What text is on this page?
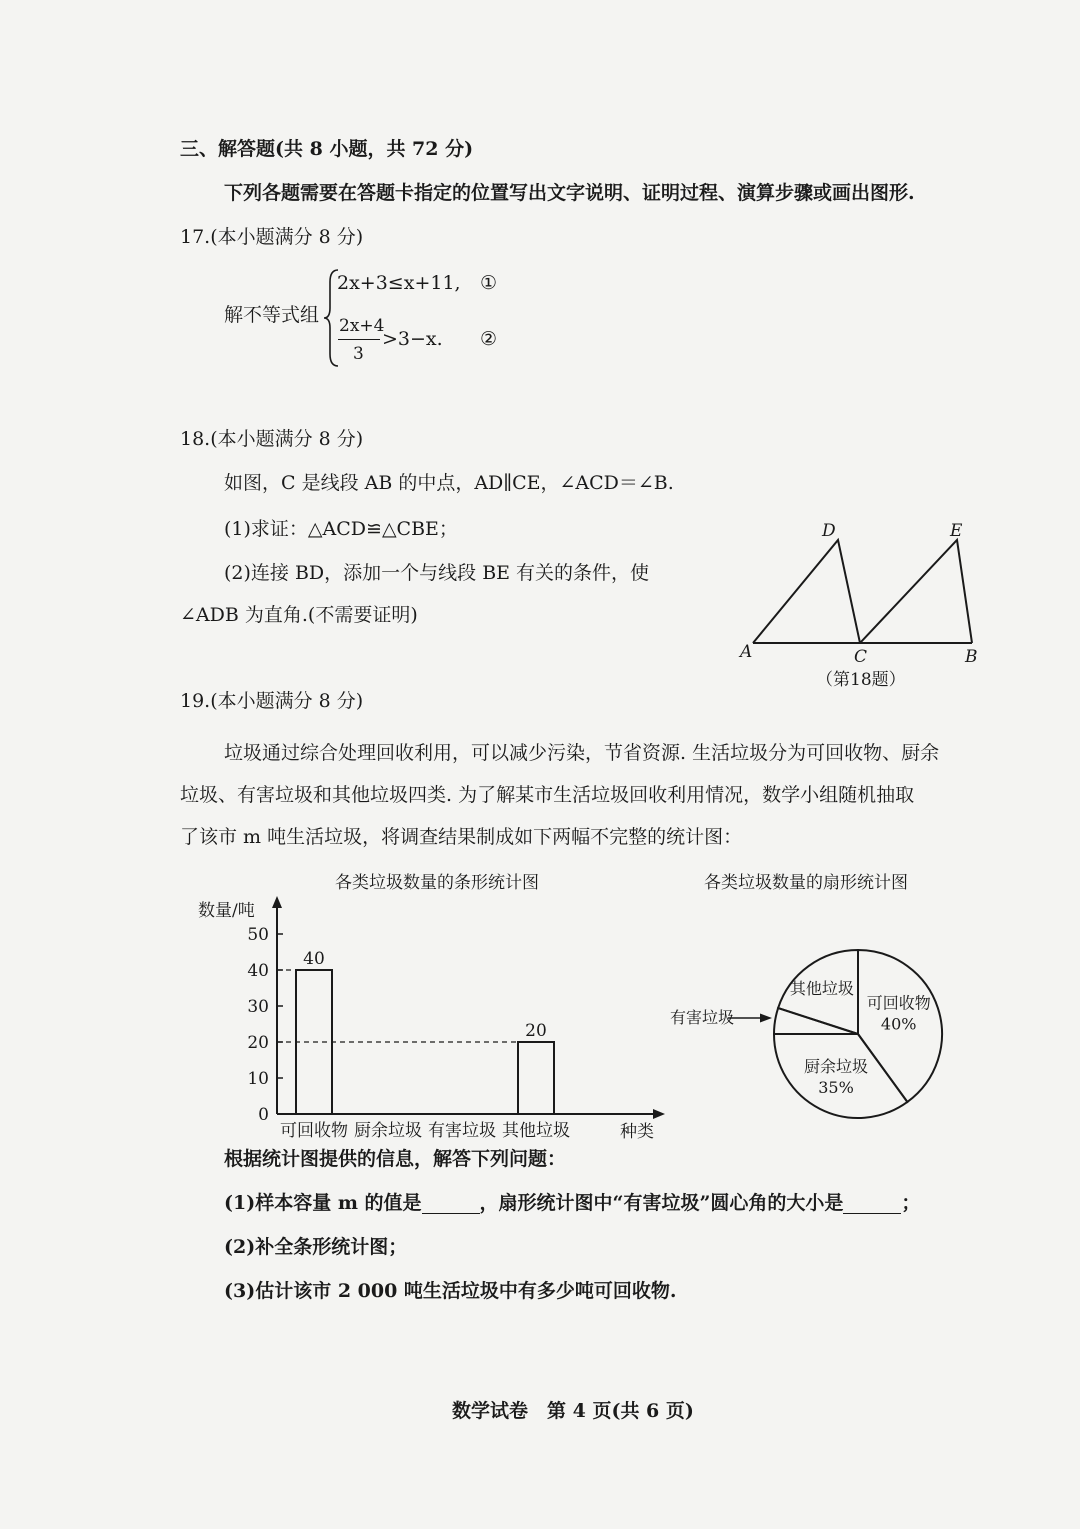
三、解答题(共 8 小题，共 72 分)
下列各题需要在答题卡指定的位置写出文字说明、证明过程、演算步骤或画出图形.
17.(本小题满分 8 分)
解不等式组
2x+3≤x+11, ①
2x+4
3
>3−x. ②
18.(本小题满分 8 分)
如图，C 是线段 AB 的中点，AD∥CE，∠ACD＝∠B.
(1)求证：△ACD≌△CBE；
(2)连接 BD，添加一个与线段 BE 有关的条件，使
∠ADB 为直角.(不需要证明)
A	B
C
D	E
（第18题）
19.(本小题满分 8 分)
垃圾通过综合处理回收利用，可以减少污染，节省资源. 生活垃圾分为可回收物、厨余
垃圾、有害垃圾和其他垃圾四类. 为了解某市生活垃圾回收利用情况，数学小组随机抽取
了该市 m 吨生活垃圾，将调查结果制成如下两幅不完整的统计图：
各类垃圾数量的条形统计图
数量/吨
种类
0
10
20
30
40
50
40
20
可回收物 厨余垃圾 有害垃圾 其他垃圾
各类垃圾数量的扇形统计图
可回收物
40%
厨余垃圾
35%
有害垃圾
其他垃圾
根据统计图提供的信息，解答下列问题：
(1)样本容量 m 的值是	，扇形统计图中“有害垃圾”圆心角的大小是	；
(2)补全条形统计图；
(3)估计该市 2 000 吨生活垃圾中有多少吨可回收物.
数学试卷　第 4 页(共 6 页)
